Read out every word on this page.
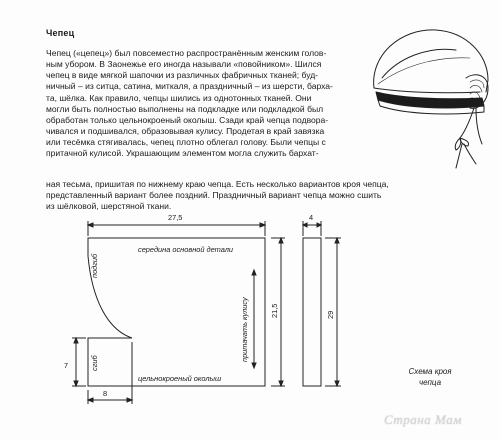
Чепец
Чепец («цепец») был повсеместно распространённым женским голов-
ным убором. В Заонежье его иногда называли «повойником». Шился
чепец в виде мягкой шапочки из различных фабричных тканей; буд-
ничный – из ситца, сатина, миткаля, а праздничный – из шерсти, барха-
та, шёлка. Как правило, чепцы шились из однотонных тканей. Они
могли быть полностью выполнены на подкладке или подкладкой был
обработан только цельнокроеный околыш. Сзади край чепца подвора-
чивался и подшивался, образовывая кулису. Продетая в край завязка
или тесёмка стягивалась, чепец плотно облегал голову. Были чепцы с
притачной кулисой. Украшающим элементом могла служить бархат-
ная тесьма, пришитая по нижнему краю чепца. Есть несколько вариантов кроя чепца,
представленный вариант более поздний. Праздничный вариант чепца можно сшить
из шёлковой, шерстяной ткани.
27,5
середина основной детали
подгиб
сгиб
цельнокроеный околыш
притачать кулису	21,5
8
7
4
29
Схема кроя
чепца
Страна Мам
